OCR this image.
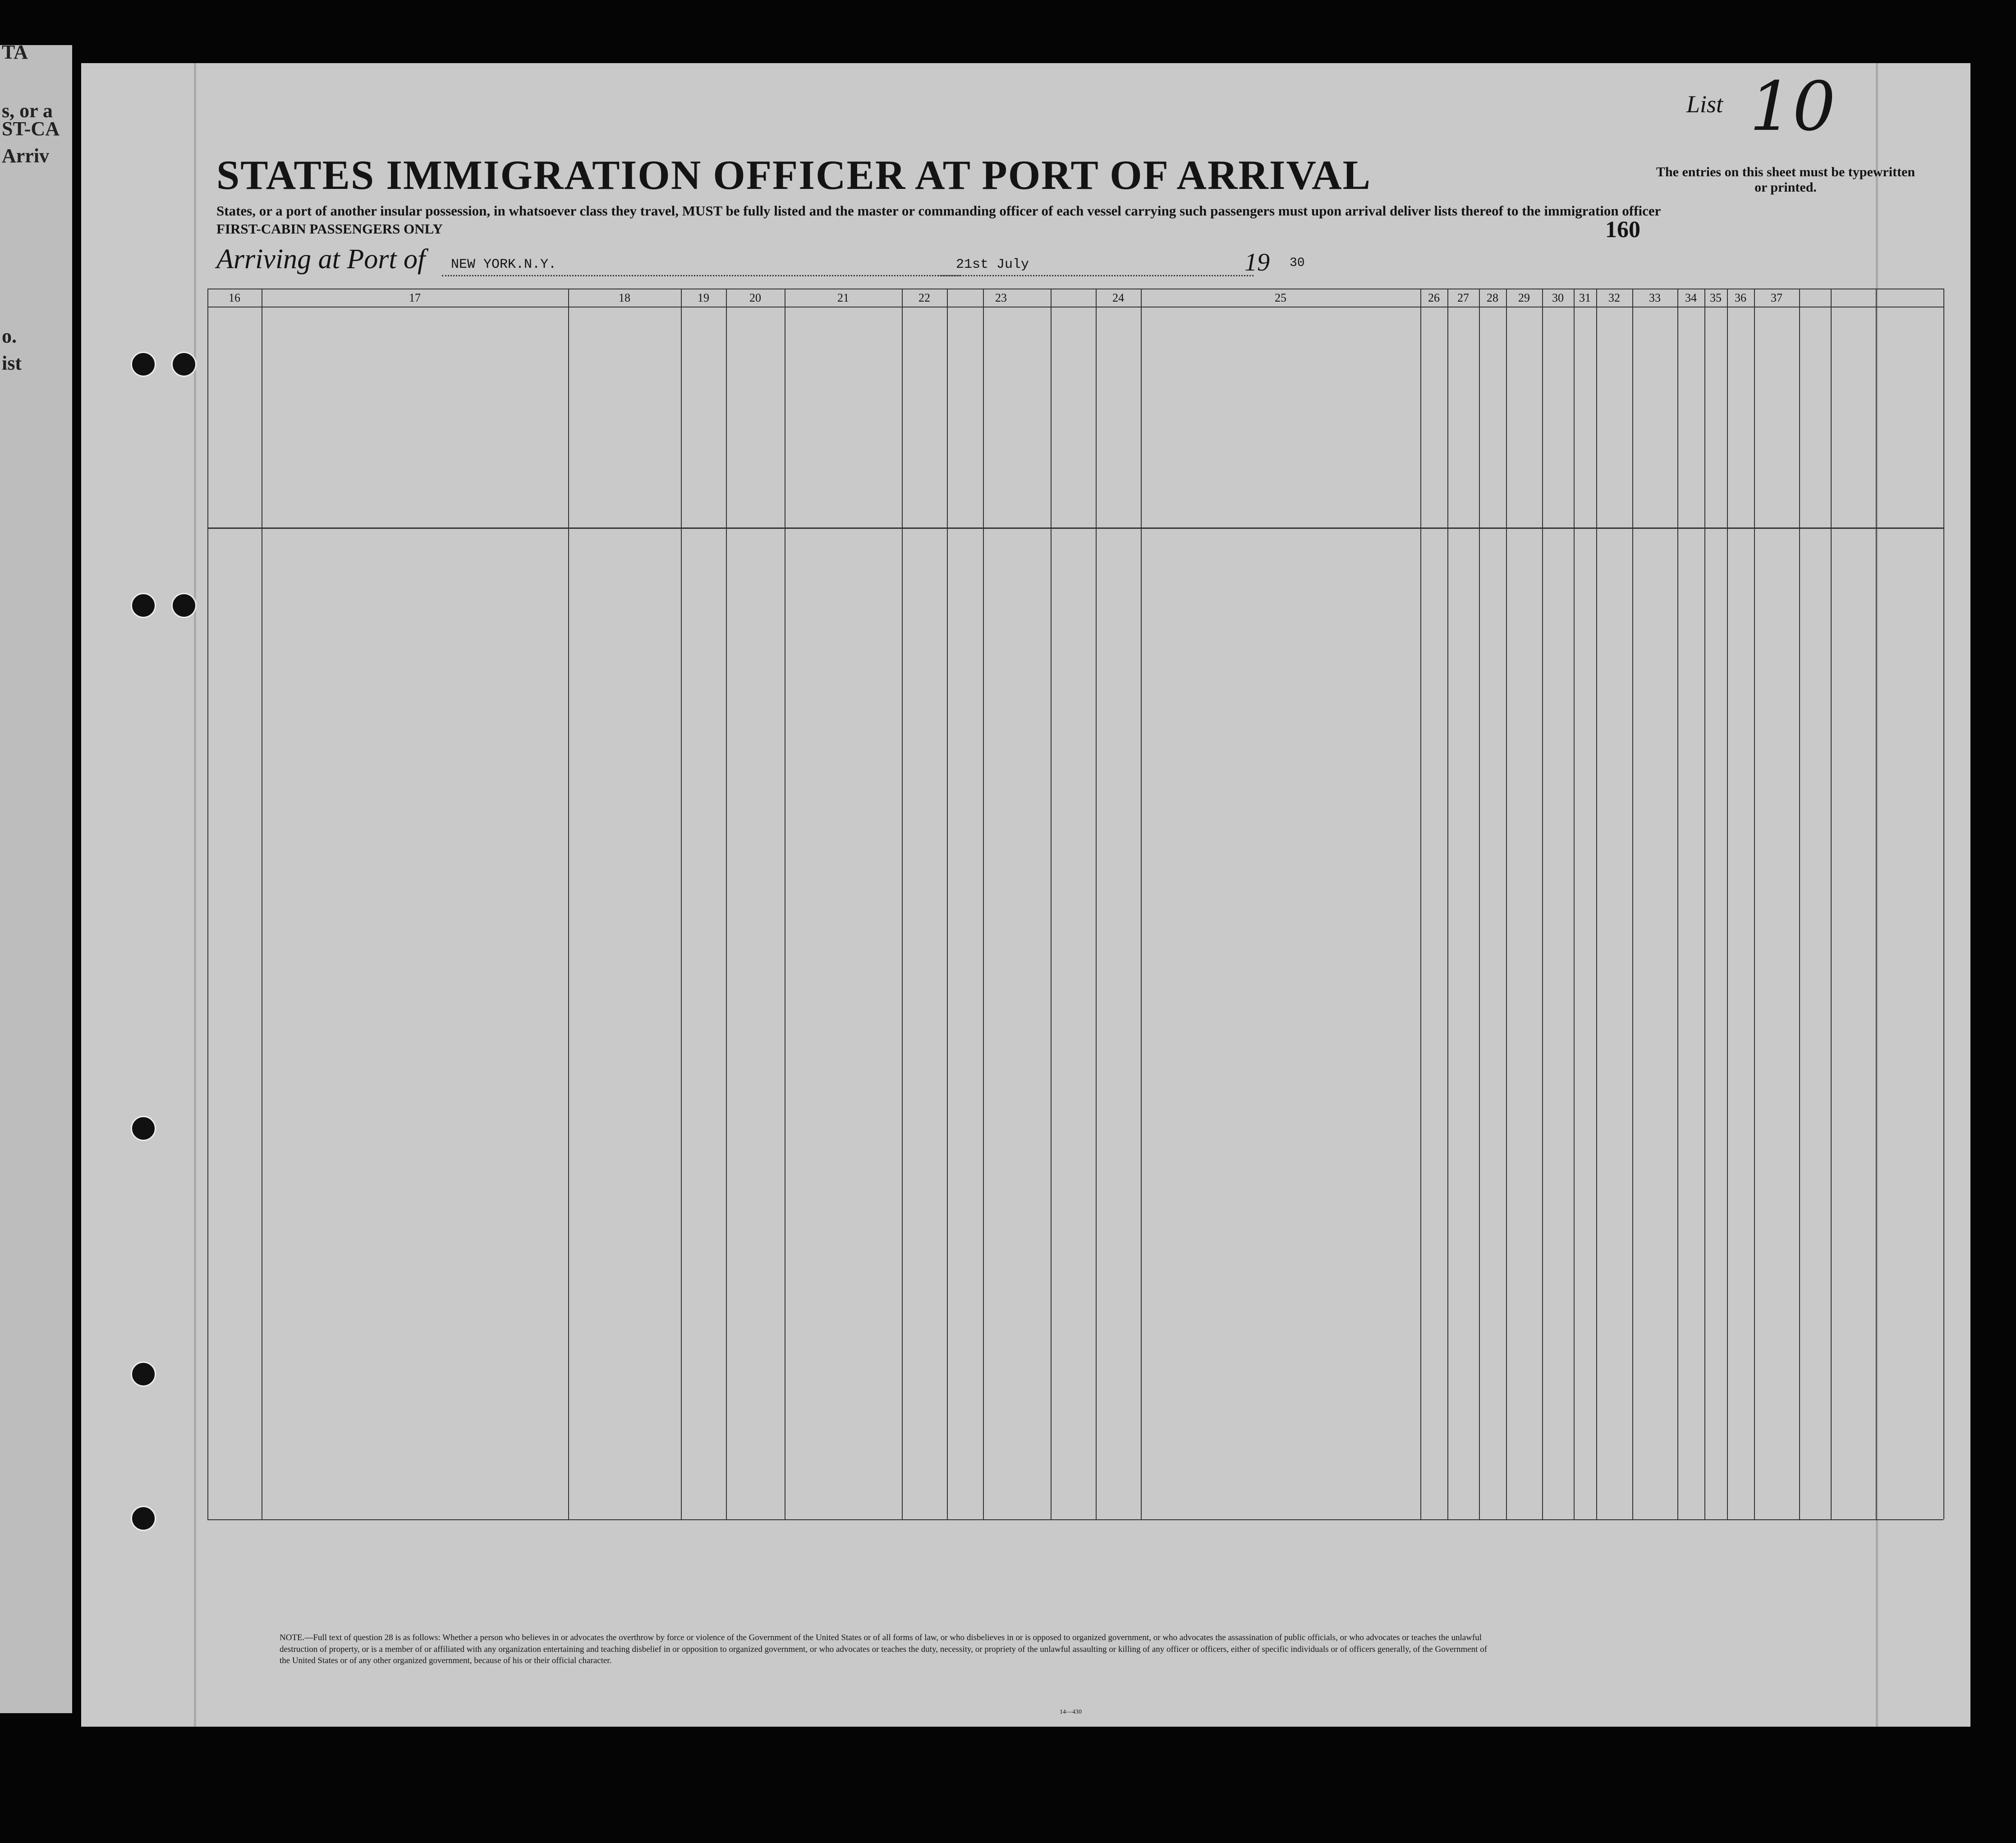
TA
s, or a
ST-CA
Arriv
o.
ist
List 10
STATES IMMIGRATION OFFICER AT PORT OF ARRIVAL	The entries on this sheet must be typewritten or printed.
States, or a port of another insular possession, in whatsoever class they travel, MUST be fully listed and the master or commanding officer of each vessel carrying such passengers must upon arrival deliver lists thereof to the immigration officer
FIRST-CABIN PASSENGERS ONLY	160
Arriving at Port of NEW YORK.N.Y.	21st July	19 30
16	17	18	19	20	21	22	23	24	25	26 27 28 29 30 31 32 33 34 35 36 37
NOTE.—Full text of question 28 is as follows: Whether a person who believes in or advocates the overthrow by force or violence of the Government of the United States or of all forms of law, or who disbelieves in or is opposed to organized government, or who advocates the assassination of public officials, or who advocates or teaches the unlawful destruction of property, or is a member of or affiliated with any organization entertaining and teaching disbelief in or opposition to organized government, or who advocates or teaches the duty, necessity, or propriety of the unlawful assaulting or killing of any officer or officers, either of specific individuals or of officers generally, of the Government of the United States or of any other organized government, because of his or their official character.
14—430
